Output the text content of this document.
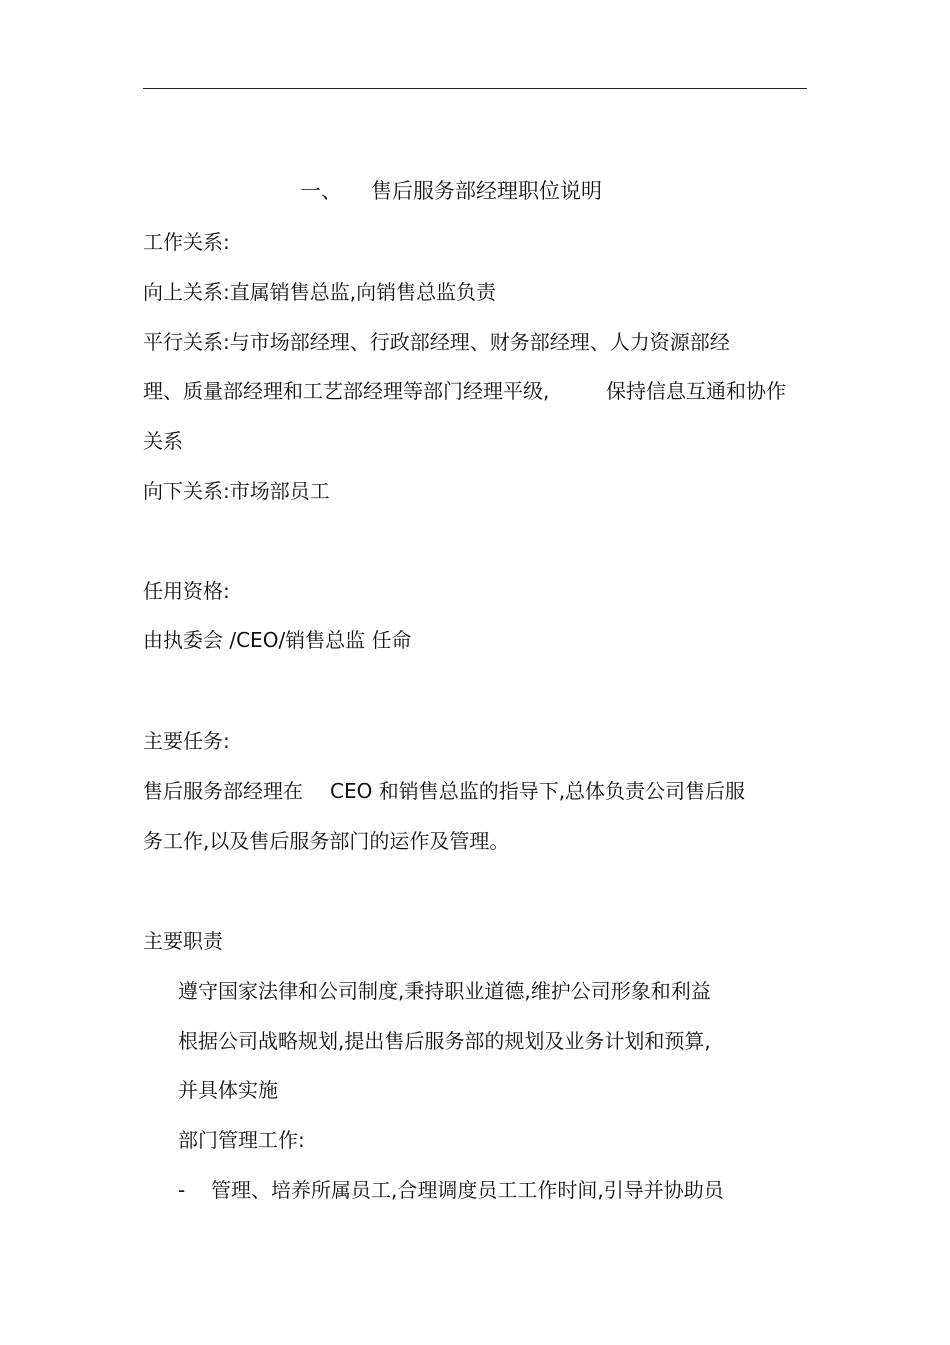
一、 售后服务部经理职位说明
工作关系:
向上关系:直属销售总监,向销售总监负责
平行关系:与市场部经理、行政部经理、财务部经理、人力资源部经
理、质量部经理和工艺部经理等部门经理平级,	保持信息互通和协作
关系
向下关系:市场部员工
任用资格:
由执委会 /CEO/销售总监 任命
主要任务:
售后服务部经理在 CEO 和销售总监的指导下,总体负责公司售后服
务工作,以及售后服务部门的运作及管理。
主要职责
遵守国家法律和公司制度,秉持职业道德,维护公司形象和利益
根据公司战略规划,提出售后服务部的规划及业务计划和预算,
并具体实施
部门管理工作:
- 管理、培养所属员工,合理调度员工工作时间,引导并协助员
